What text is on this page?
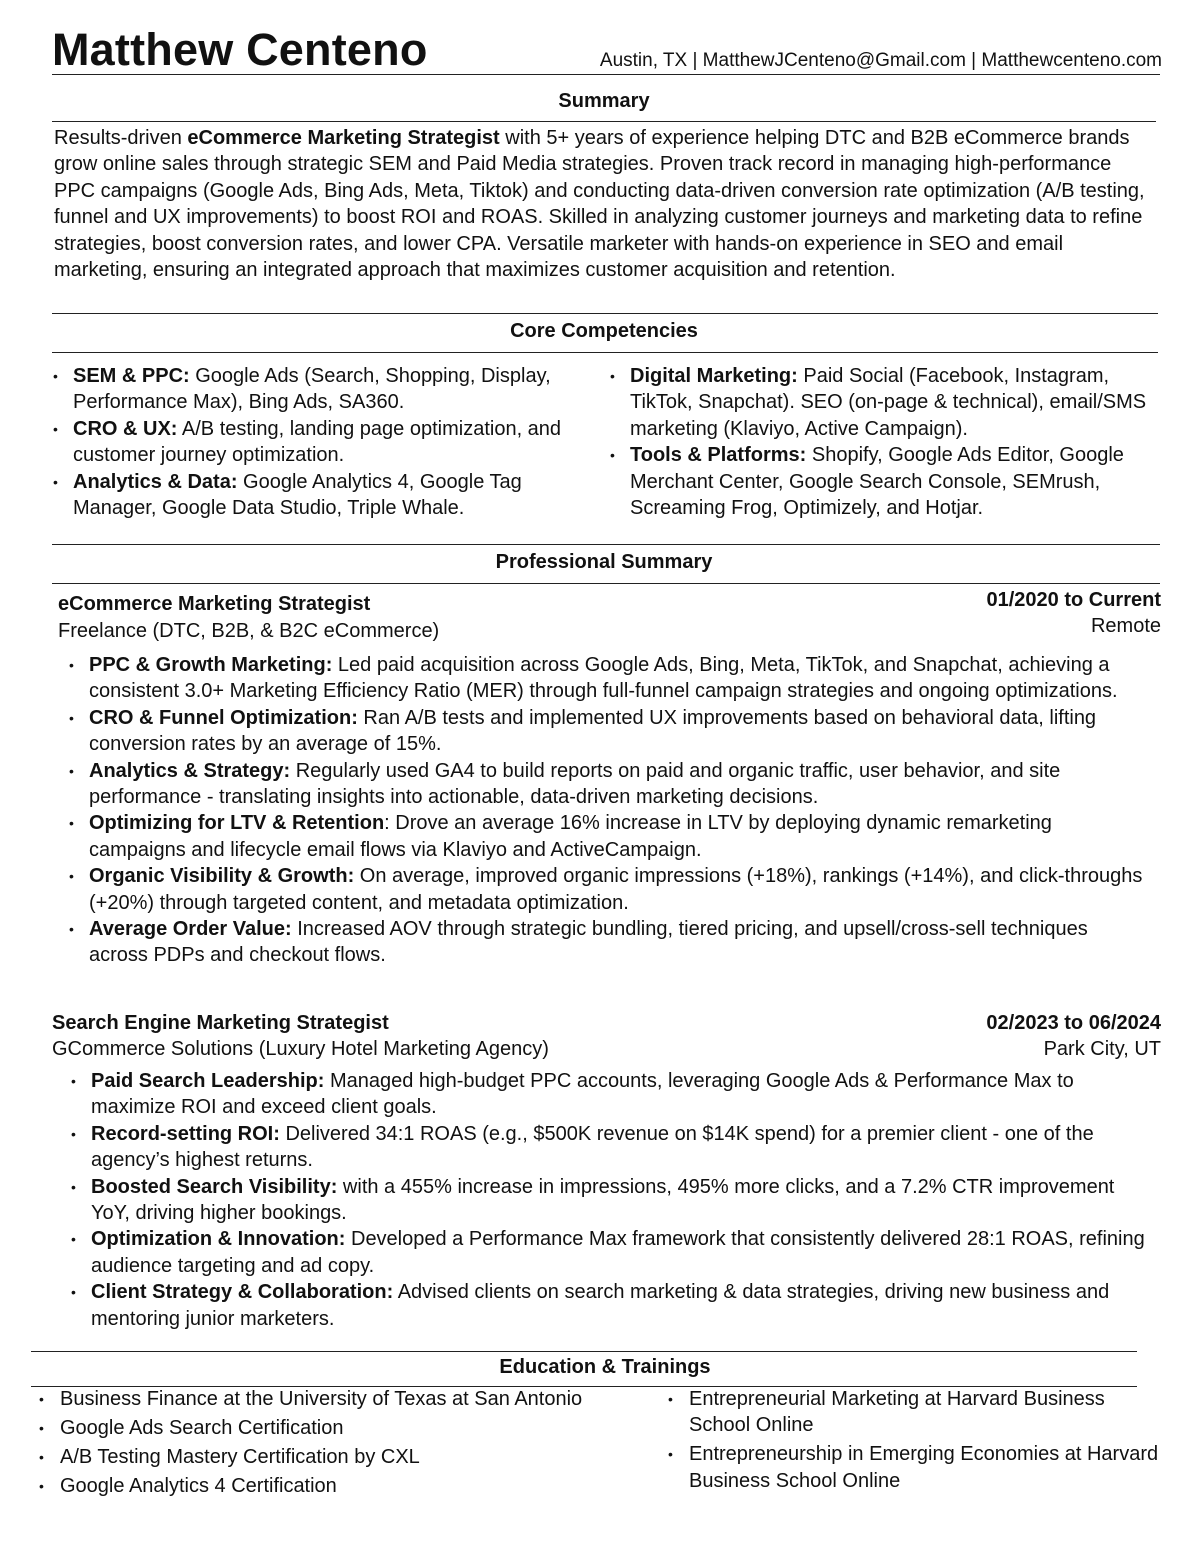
Matthew Centeno	Austin, TX | MatthewJCenteno@Gmail.com | Matthewcenteno.com
Summary
Results-driven eCommerce Marketing Strategist with 5+ years of experience helping DTC and B2B eCommerce brands grow online sales through strategic SEM and Paid Media strategies. Proven track record in managing high-performance PPC campaigns (Google Ads, Bing Ads, Meta, Tiktok) and conducting data-driven conversion rate optimization (A/B testing, funnel and UX improvements) to boost ROI and ROAS. Skilled in analyzing customer journeys and marketing data to refine strategies, boost conversion rates, and lower CPA. Versatile marketer with hands-on experience in SEO and email marketing, ensuring an integrated approach that maximizes customer acquisition and retention.
Core Competencies
• SEM & PPC: Google Ads (Search, Shopping, Display, Performance Max), Bing Ads, SA360.
• CRO & UX: A/B testing, landing page optimization, and customer journey optimization.
• Analytics & Data: Google Analytics 4, Google Tag Manager, Google Data Studio, Triple Whale.
• Digital Marketing: Paid Social (Facebook, Instagram, TikTok, Snapchat). SEO (on-page & technical), email/SMS marketing (Klaviyo, Active Campaign).
• Tools & Platforms: Shopify, Google Ads Editor, Google Merchant Center, Google Search Console, SEMrush, Screaming Frog, Optimizely, and Hotjar.
Professional Summary
eCommerce Marketing Strategist	01/2020 to Current
Freelance (DTC, B2B, & B2C eCommerce)	Remote
• PPC & Growth Marketing: Led paid acquisition across Google Ads, Bing, Meta, TikTok, and Snapchat, achieving a consistent 3.0+ Marketing Efficiency Ratio (MER) through full-funnel campaign strategies and ongoing optimizations.
• CRO & Funnel Optimization: Ran A/B tests and implemented UX improvements based on behavioral data, lifting conversion rates by an average of 15%.
• Analytics & Strategy: Regularly used GA4 to build reports on paid and organic traffic, user behavior, and site performance - translating insights into actionable, data-driven marketing decisions.
• Optimizing for LTV & Retention: Drove an average 16% increase in LTV by deploying dynamic remarketing campaigns and lifecycle email flows via Klaviyo and ActiveCampaign.
• Organic Visibility & Growth: On average, improved organic impressions (+18%), rankings (+14%), and click-throughs (+20%) through targeted content, and metadata optimization.
• Average Order Value: Increased AOV through strategic bundling, tiered pricing, and upsell/cross-sell techniques across PDPs and checkout flows.
Search Engine Marketing Strategist	02/2023 to 06/2024
GCommerce Solutions (Luxury Hotel Marketing Agency)	Park City, UT
• Paid Search Leadership: Managed high-budget PPC accounts, leveraging Google Ads & Performance Max to maximize ROI and exceed client goals.
• Record-setting ROI: Delivered 34:1 ROAS (e.g., $500K revenue on $14K spend) for a premier client - one of the agency’s highest returns.
• Boosted Search Visibility: with a 455% increase in impressions, 495% more clicks, and a 7.2% CTR improvement YoY, driving higher bookings.
• Optimization & Innovation: Developed a Performance Max framework that consistently delivered 28:1 ROAS, refining audience targeting and ad copy.
• Client Strategy & Collaboration: Advised clients on search marketing & data strategies, driving new business and mentoring junior marketers.
Education & Trainings
• Business Finance at the University of Texas at San Antonio
• Google Ads Search Certification
• A/B Testing Mastery Certification by CXL
• Google Analytics 4 Certification
• Entrepreneurial Marketing at Harvard Business School Online
• Entrepreneurship in Emerging Economies at Harvard Business School Online
